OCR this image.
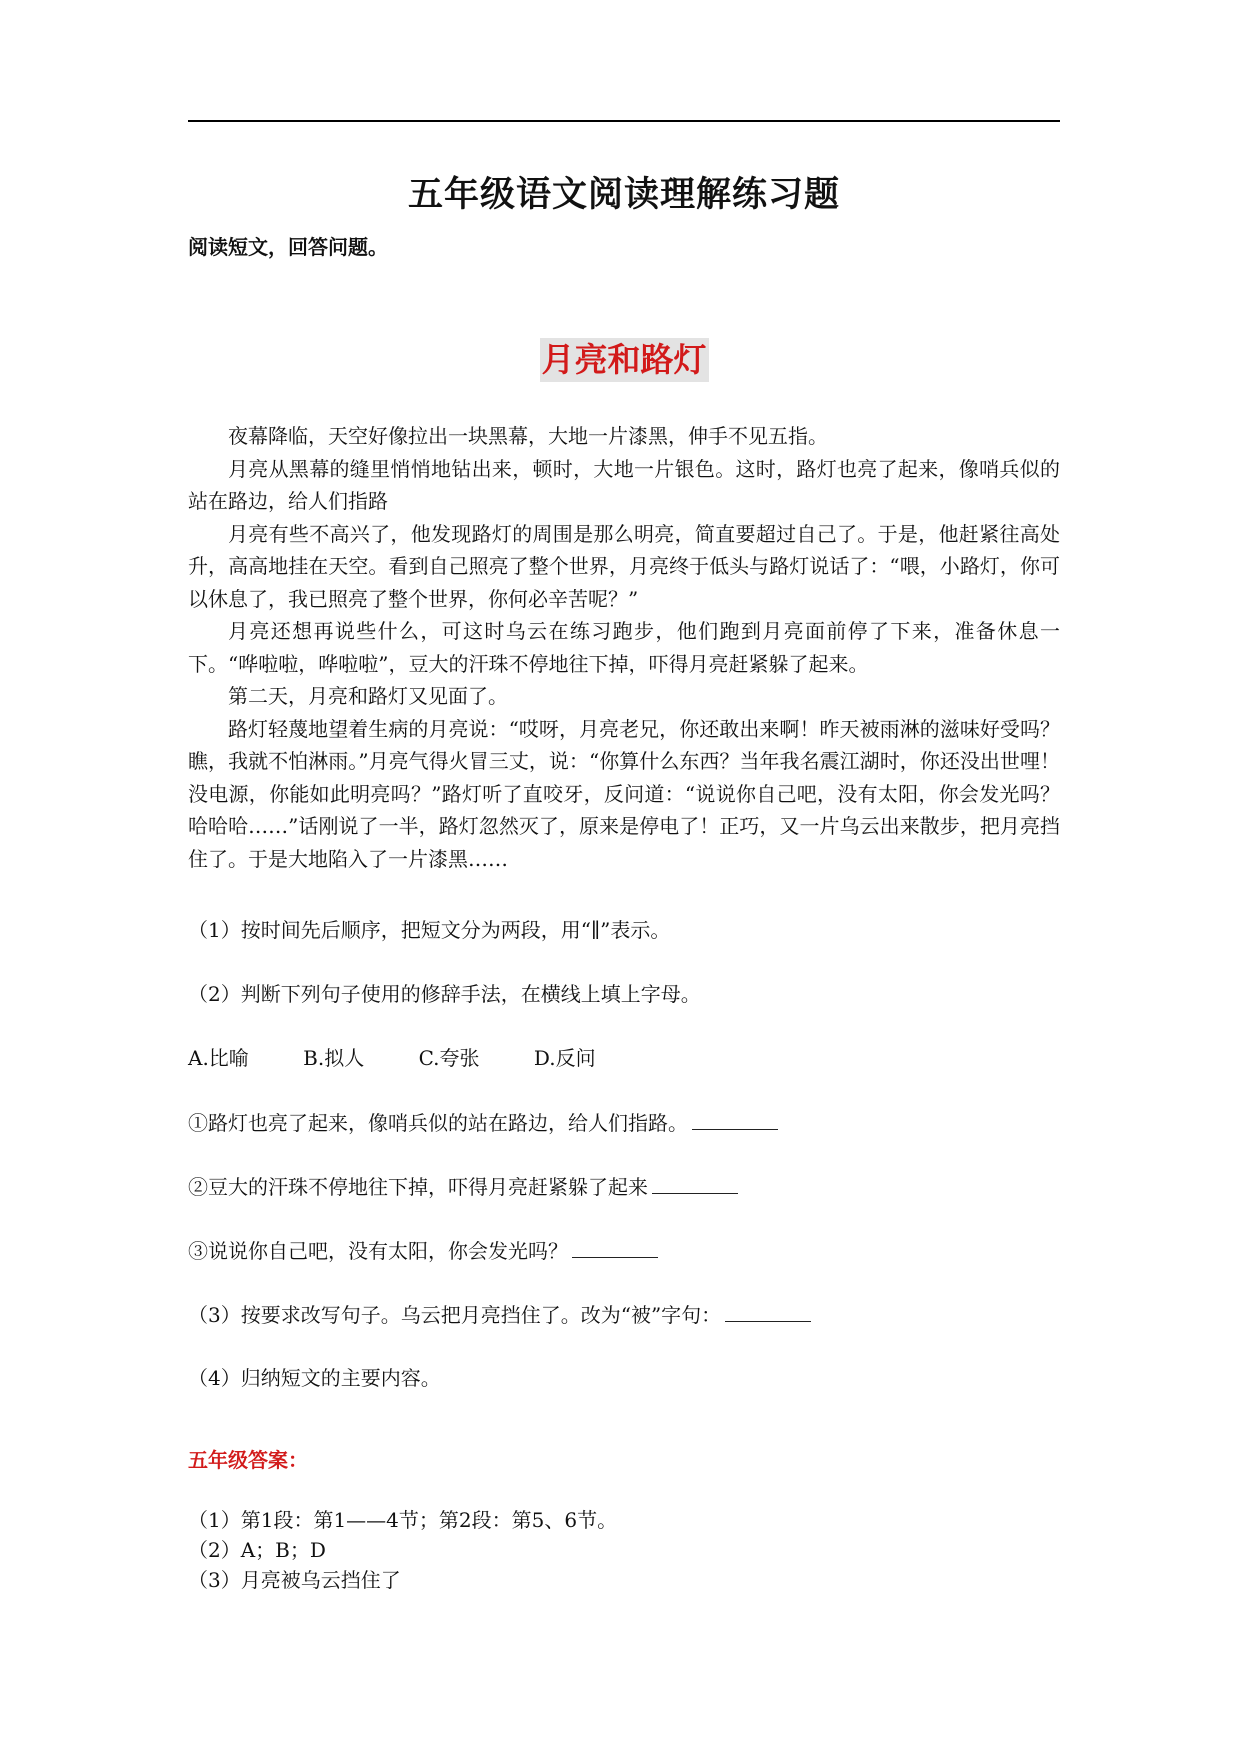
五年级语文阅读理解练习题
阅读短文，回答问题。
月亮和路灯

夜幕降临，天空好像拉出一块黑幕，大地一片漆黑，伸手不见五指。

月亮从黑幕的缝里悄悄地钻出来，顿时，大地一片银色。这时，路灯也亮了起来，像哨兵似的站在路边，给人们指路

月亮有些不高兴了，他发现路灯的周围是那么明亮，简直要超过自己了。于是，他赶紧往高处升，高高地挂在天空。看到自己照亮了整个世界，月亮终于低头与路灯说话了：“喂，小路灯，你可以休息了，我已照亮了整个世界，你何必辛苦呢？”

月亮还想再说些什么，可这时乌云在练习跑步，他们跑到月亮面前停了下来，准备休息一下。“哗啦啦，哗啦啦”，豆大的汗珠不停地往下掉，吓得月亮赶紧躲了起来。

第二天，月亮和路灯又见面了。

路灯轻蔑地望着生病的月亮说：“哎呀，月亮老兄，你还敢出来啊！昨天被雨淋的滋味好受吗？瞧，我就不怕淋雨。”月亮气得火冒三丈，说：“你算什么东西？当年我名震江湖时，你还没出世哩！没电源，你能如此明亮吗？”路灯听了直咬牙，反问道：“说说你自己吧，没有太阳，你会发光吗？哈哈哈……”话刚说了一半，路灯忽然灭了，原来是停电了！正巧，又一片乌云出来散步，把月亮挡住了。于是大地陷入了一片漆黑……

（1）按时间先后顺序，把短文分为两段，用“∥”表示。
（2）判断下列句子使用的修辞手法，在横线上填上字母。
A.比喻	B.拟人	C.夸张	D.反问
①路灯也亮了起来，像哨兵似的站在路边，给人们指路。
②豆大的汗珠不停地往下掉，吓得月亮赶紧躲了起来
③说说你自己吧，没有太阳，你会发光吗？
（3）按要求改写句子。乌云把月亮挡住了。改为“被”字句：
（4）归纳短文的主要内容。
五年级答案：
（1）第1段：第1——4节；第2段：第5、6节。
（2）A；B；D
（3）月亮被乌云挡住了
